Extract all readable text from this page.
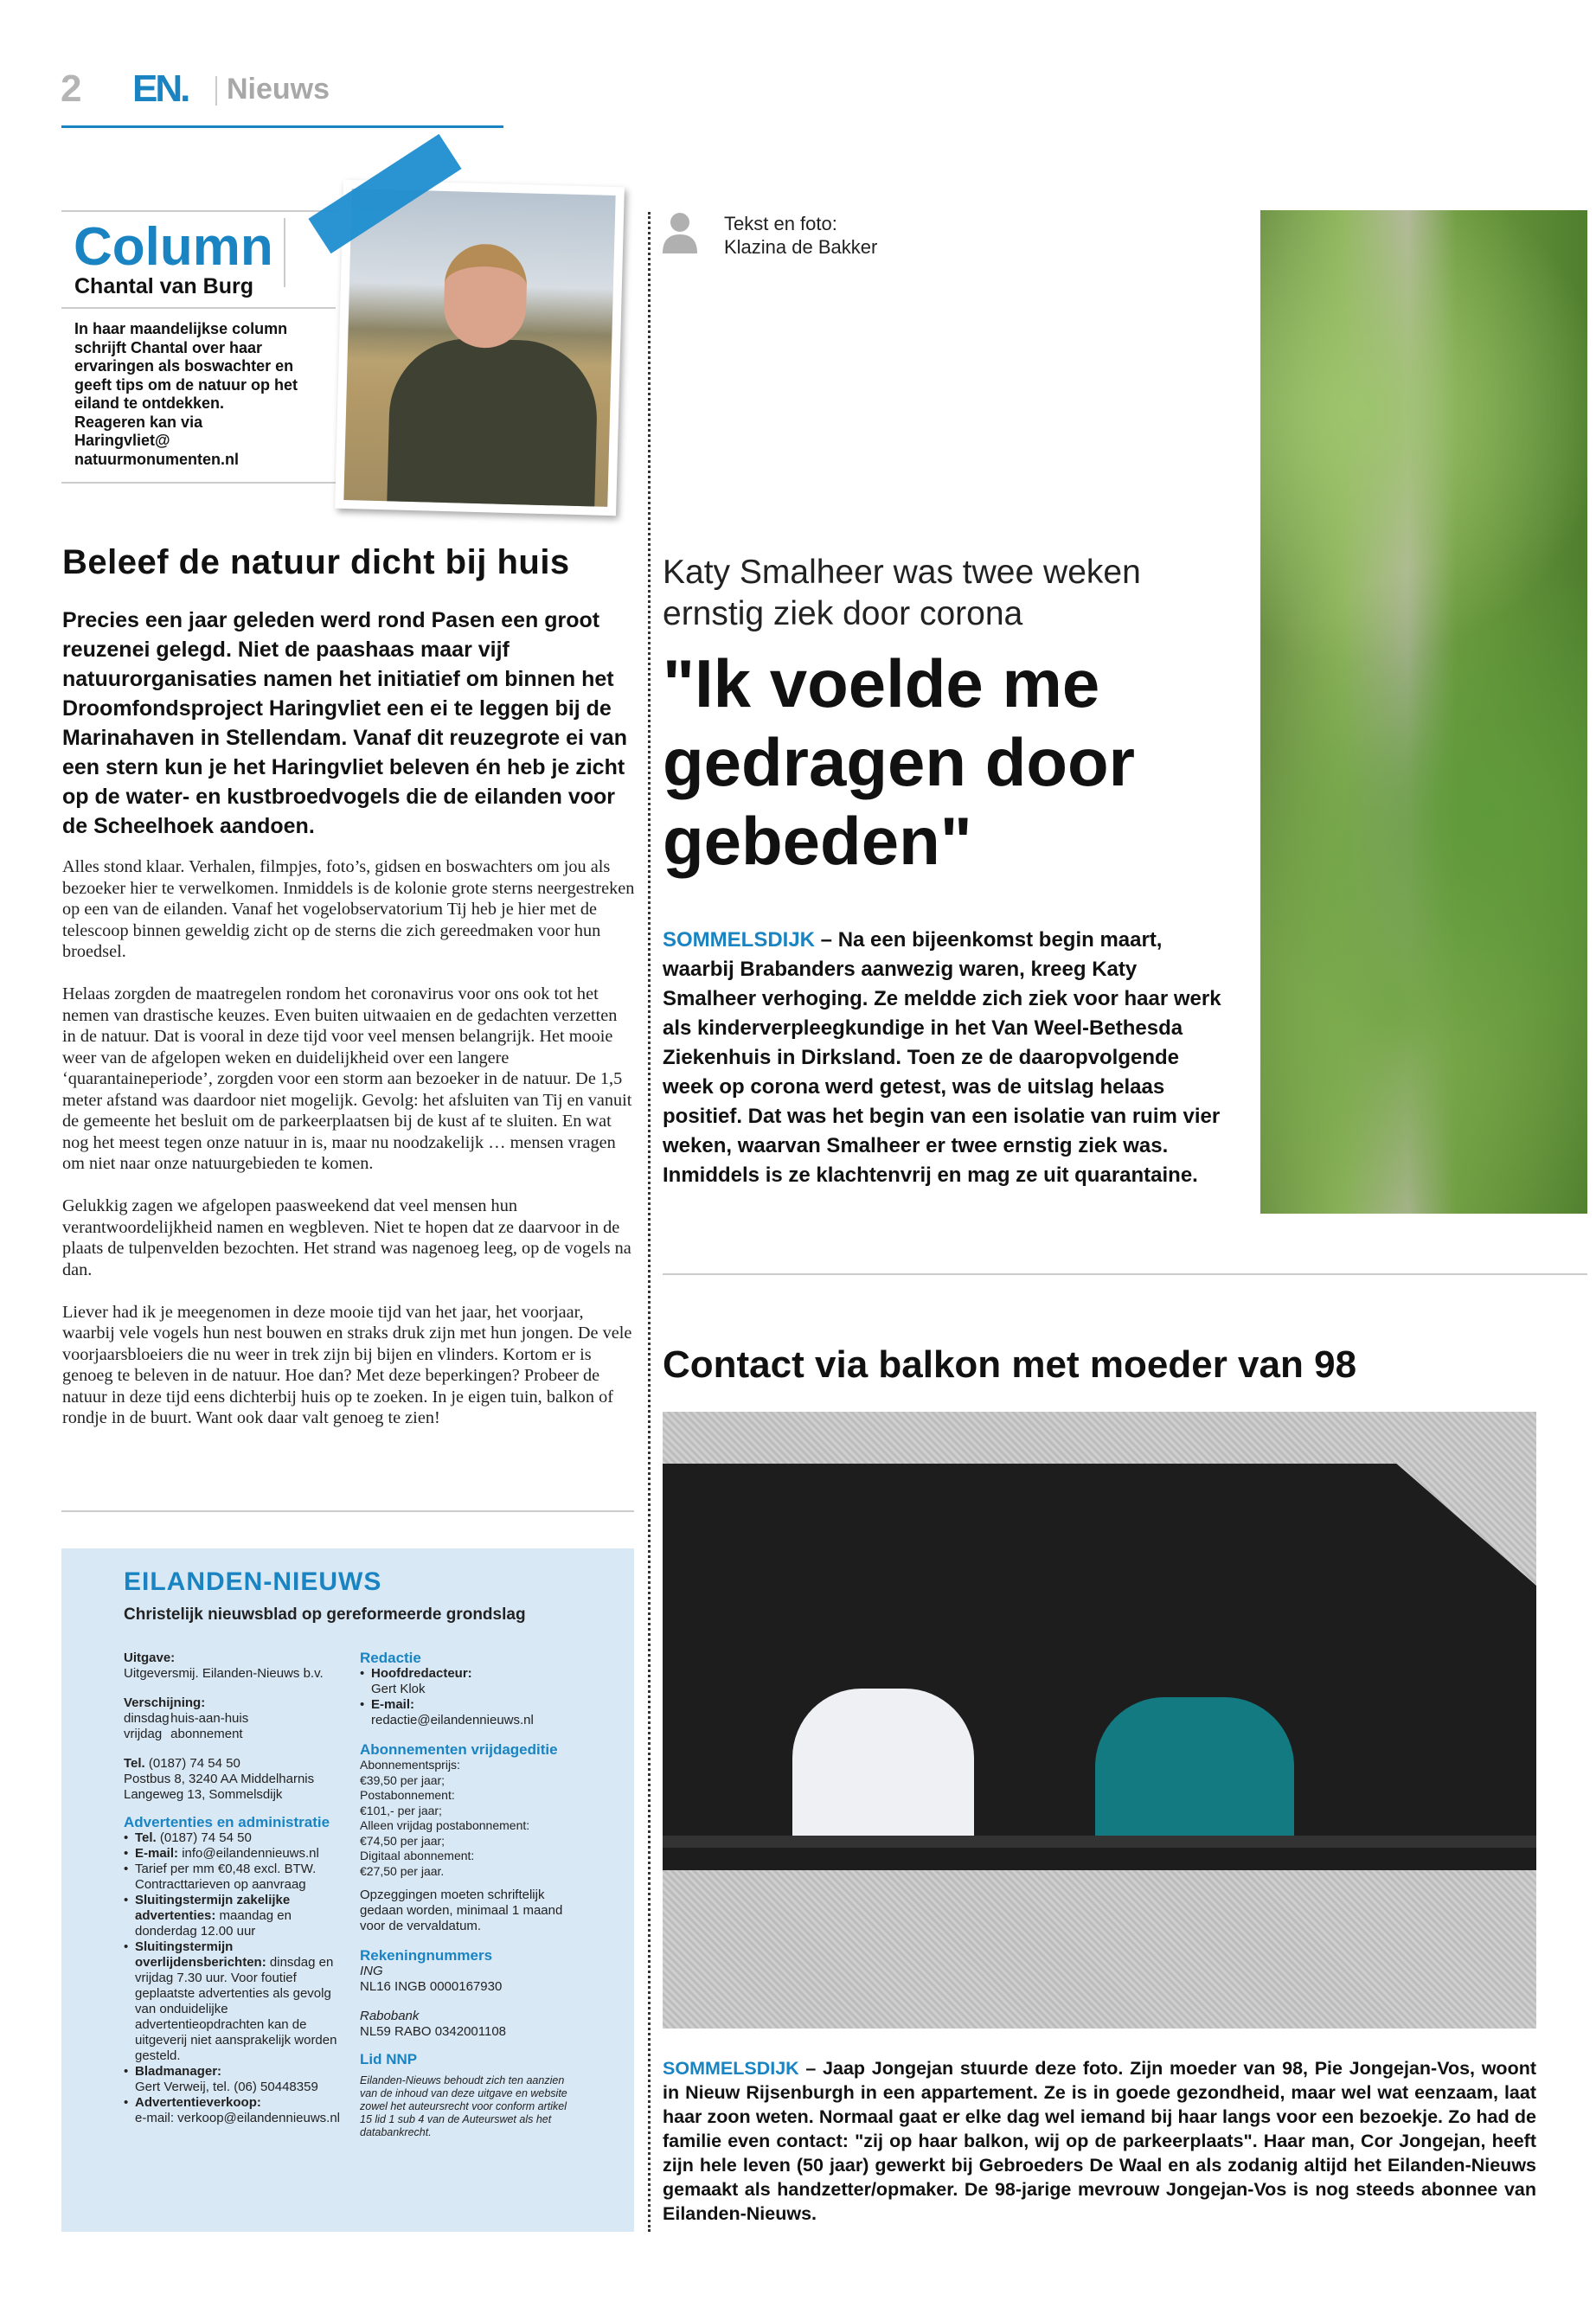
2 EN. Nieuws
Column
Chantal van Burg
In haar maandelijkse column schrijft Chantal over haar ervaringen als boswachter en geeft tips om de natuur op het eiland te ontdekken. Reageren kan via Haringvliet@ natuurmonumenten.nl
Beleef de natuur dicht bij huis
Precies een jaar geleden werd rond Pasen een groot reuzenei gelegd. Niet de paashaas maar vijf natuurorganisaties namen het initiatief om binnen het Droomfondsproject Haringvliet een ei te leggen bij de Marinahaven in Stellendam. Vanaf dit reuzegrote ei van een stern kun je het Haringvliet beleven én heb je zicht op de water- en kustbroedvogels die de eilanden voor de Scheelhoek aandoen.

Alles stond klaar. Verhalen, filmpjes, foto’s, gidsen en boswachters om jou als bezoeker hier te verwelkomen. Inmiddels is de kolonie grote sterns neergestreken op een van de eilanden. Vanaf het vogelobservatorium Tij heb je hier met de telescoop binnen geweldig zicht op de sterns die zich gereedmaken voor hun broedsel.

Helaas zorgden de maatregelen rondom het coronavirus voor ons ook tot het nemen van drastische keuzes. Even buiten uitwaaien en de gedachten verzetten in de natuur. Dat is vooral in deze tijd voor veel mensen belangrijk. Het mooie weer van de afgelopen weken en duidelijkheid over een langere ‘quarantaineperiode’, zorgden voor een storm aan bezoeker in de natuur. De 1,5 meter afstand was daardoor niet mogelijk. Gevolg: het afsluiten van Tij en vanuit de gemeente het besluit om de parkeerplaatsen bij de kust af te sluiten. En wat nog het meest tegen onze natuur in is, maar nu noodzakelijk … mensen vragen om niet naar onze natuurgebieden te komen.

Gelukkig zagen we afgelopen paasweekend dat veel mensen hun verantwoordelijkheid namen en wegbleven. Niet te hopen dat ze daarvoor in de plaats de tulpenvelden bezochten. Het strand was nagenoeg leeg, op de vogels na dan.

Liever had ik je meegenomen in deze mooie tijd van het jaar, het voorjaar, waarbij vele vogels hun nest bouwen en straks druk zijn met hun jongen. De vele voorjaarsbloeiers die nu weer in trek zijn bij bijen en vlinders. Kortom er is genoeg te beleven in de natuur. Hoe dan? Met deze beperkingen? Probeer de natuur in deze tijd eens dichterbij huis op te zoeken. In je eigen tuin, balkon of rondje in de buurt. Want ook daar valt genoeg te zien!

EILANDEN-NIEUWS
Christelijk nieuwsblad op gereformeerde grondslag
Uitgave:
Uitgeversmij. Eilanden-Nieuws b.v.
Verschijning:
dinsdag huis-aan-huis
vrijdag abonnement
Tel. (0187) 74 54 50
Postbus 8, 3240 AA Middelharnis
Langeweg 13, Sommelsdijk
Advertenties en administratie
• Tel. (0187) 74 54 50
• E-mail: info@eilandennieuws.nl
• Tarief per mm €0,48 excl. BTW. Contracttarieven op aanvraag
• Sluitingstermijn zakelijke advertenties: maandag en donderdag 12.00 uur
• Sluitingstermijn overlijdensberichten: dinsdag en vrijdag 7.30 uur. Voor foutief geplaatste advertenties als gevolg van onduidelijke advertentieopdrachten kan de uitgeverij niet aansprakelijk worden gesteld.
• Bladmanager:
Gert Verweij, tel. (06) 50448359
• Advertentieverkoop:
e-mail: verkoop@eilandennieuws.nl
Redactie
• Hoofdredacteur:
Gert Klok
• E-mail:
redactie@eilandennieuws.nl
Abonnementen vrijdageditie
Abonnementsprijs:
€39,50 per jaar;
Postabonnement:
€101,- per jaar;
Alleen vrijdag postabonnement:
€74,50 per jaar;
Digitaal abonnement:
€27,50 per jaar.
Opzeggingen moeten schriftelijk gedaan worden, minimaal 1 maand voor de vervaldatum.
Rekeningnummers
ING
NL16 INGB 0000167930
Rabobank
NL59 RABO 0342001108
Lid NNP
Eilanden-Nieuws behoudt zich ten aanzien van de inhoud van deze uitgave en website zowel het auteursrecht voor conform artikel 15 lid 1 sub 4 van de Auteurswet als het databankrecht.
Tekst en foto:
Klazina de Bakker
Katy Smalheer was twee weken ernstig ziek door corona
"Ik voelde me gedragen door gebeden"
SOMMELSDIJK – Na een bijeenkomst begin maart, waarbij Brabanders aanwezig waren, kreeg Katy Smalheer verhoging. Ze meldde zich ziek voor haar werk als kinderverpleegkundige in het Van Weel-Bethesda Ziekenhuis in Dirksland. Toen ze de daaropvolgende week op corona werd getest, was de uitslag helaas positief. Dat was het begin van een isolatie van ruim vier weken, waarvan Smalheer er twee ernstig ziek was. Inmiddels is ze klachtenvrij en mag ze uit quarantaine.
Contact via balkon met moeder van 98
SOMMELSDIJK – Jaap Jongejan stuurde deze foto. Zijn moeder van 98, Pie Jongejan-Vos, woont in Nieuw Rijsenburgh in een appartement. Ze is in goede gezondheid, maar wel wat eenzaam, laat haar zoon weten. Normaal gaat er elke dag wel iemand bij haar langs voor een bezoekje. Zo had de familie even contact: "zij op haar balkon, wij op de parkeerplaats". Haar man, Cor Jongejan, heeft zijn hele leven (50 jaar) gewerkt bij Gebroeders De Waal en als zodanig altijd het Eilanden-Nieuws gemaakt als handzetter/opmaker. De 98-jarige mevrouw Jongejan-Vos is nog steeds abonnee van Eilanden-Nieuws.
